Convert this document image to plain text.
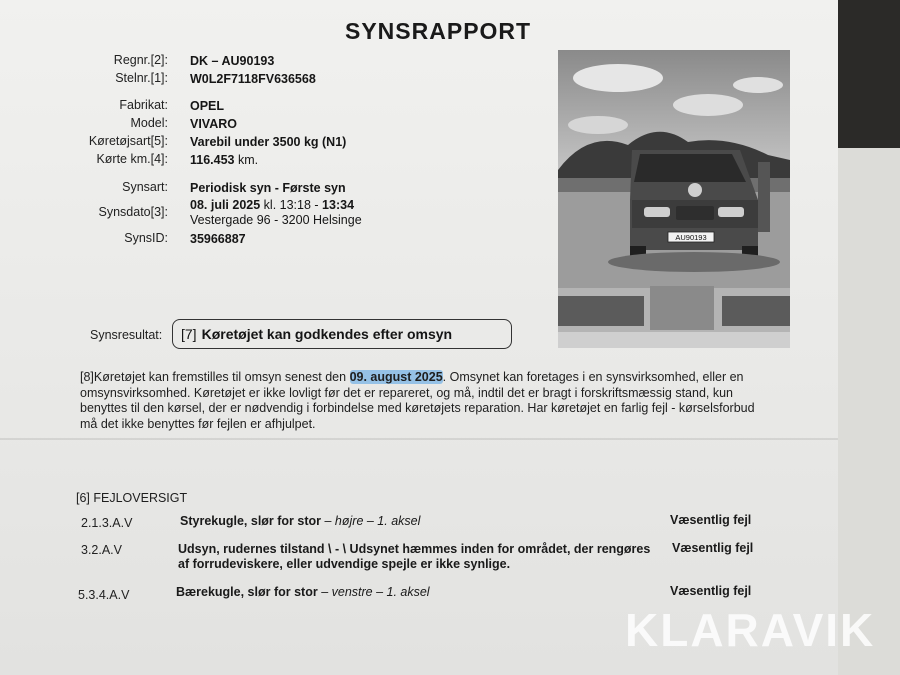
SYNSRAPPORT
Regnr.[2]: DK – AU90193
Stelnr.[1]: W0L2F7118FV636568
Fabrikat: OPEL
Model: VIVARO
Køretøjsart[5]: Varebil under 3500 kg (N1)
Kørte km.[4]: 116.453 km.
Synsart: Periodisk syn - Første syn
Synsdato[3]: 08. juli 2025 kl. 13:18 - 13:34
Vestergade 96 - 3200 Helsinge
SynsID: 35966887	AU90193
Synsresultat: [7] Køretøjet kan godkendes efter omsyn
[8]Køretøjet kan fremstilles til omsyn senest den 09. august 2025. Omsynet kan foretages i en synsvirksomhed, eller en omsynsvirksomhed. Køretøjet er ikke lovligt før det er repareret, og må, indtil det er bragt i forskriftsmæssig stand, kun benyttes til den kørsel, der er nødvendig i forbindelse med køretøjets reparation. Har køretøjet en farlig fejl - kørselsforbud må det ikke benyttes før fejlen er afhjulpet.
[6] FEJLOVERSIGT
2.1.3.A.V	Styrekugle, slør for stor – højre – 1. aksel	Væsentlig fejl
3.2.A.V	Udsyn, rudernes tilstand \ - \ Udsynet hæmmes inden for området, der rengøres
af forrudeviskere, eller udvendige spejle er ikke synlige.
Væsentlig fejl
5.3.4.A.V	Bærekugle, slør for stor – venstre – 1. aksel	Væsentlig fejl
KLARAVIK
